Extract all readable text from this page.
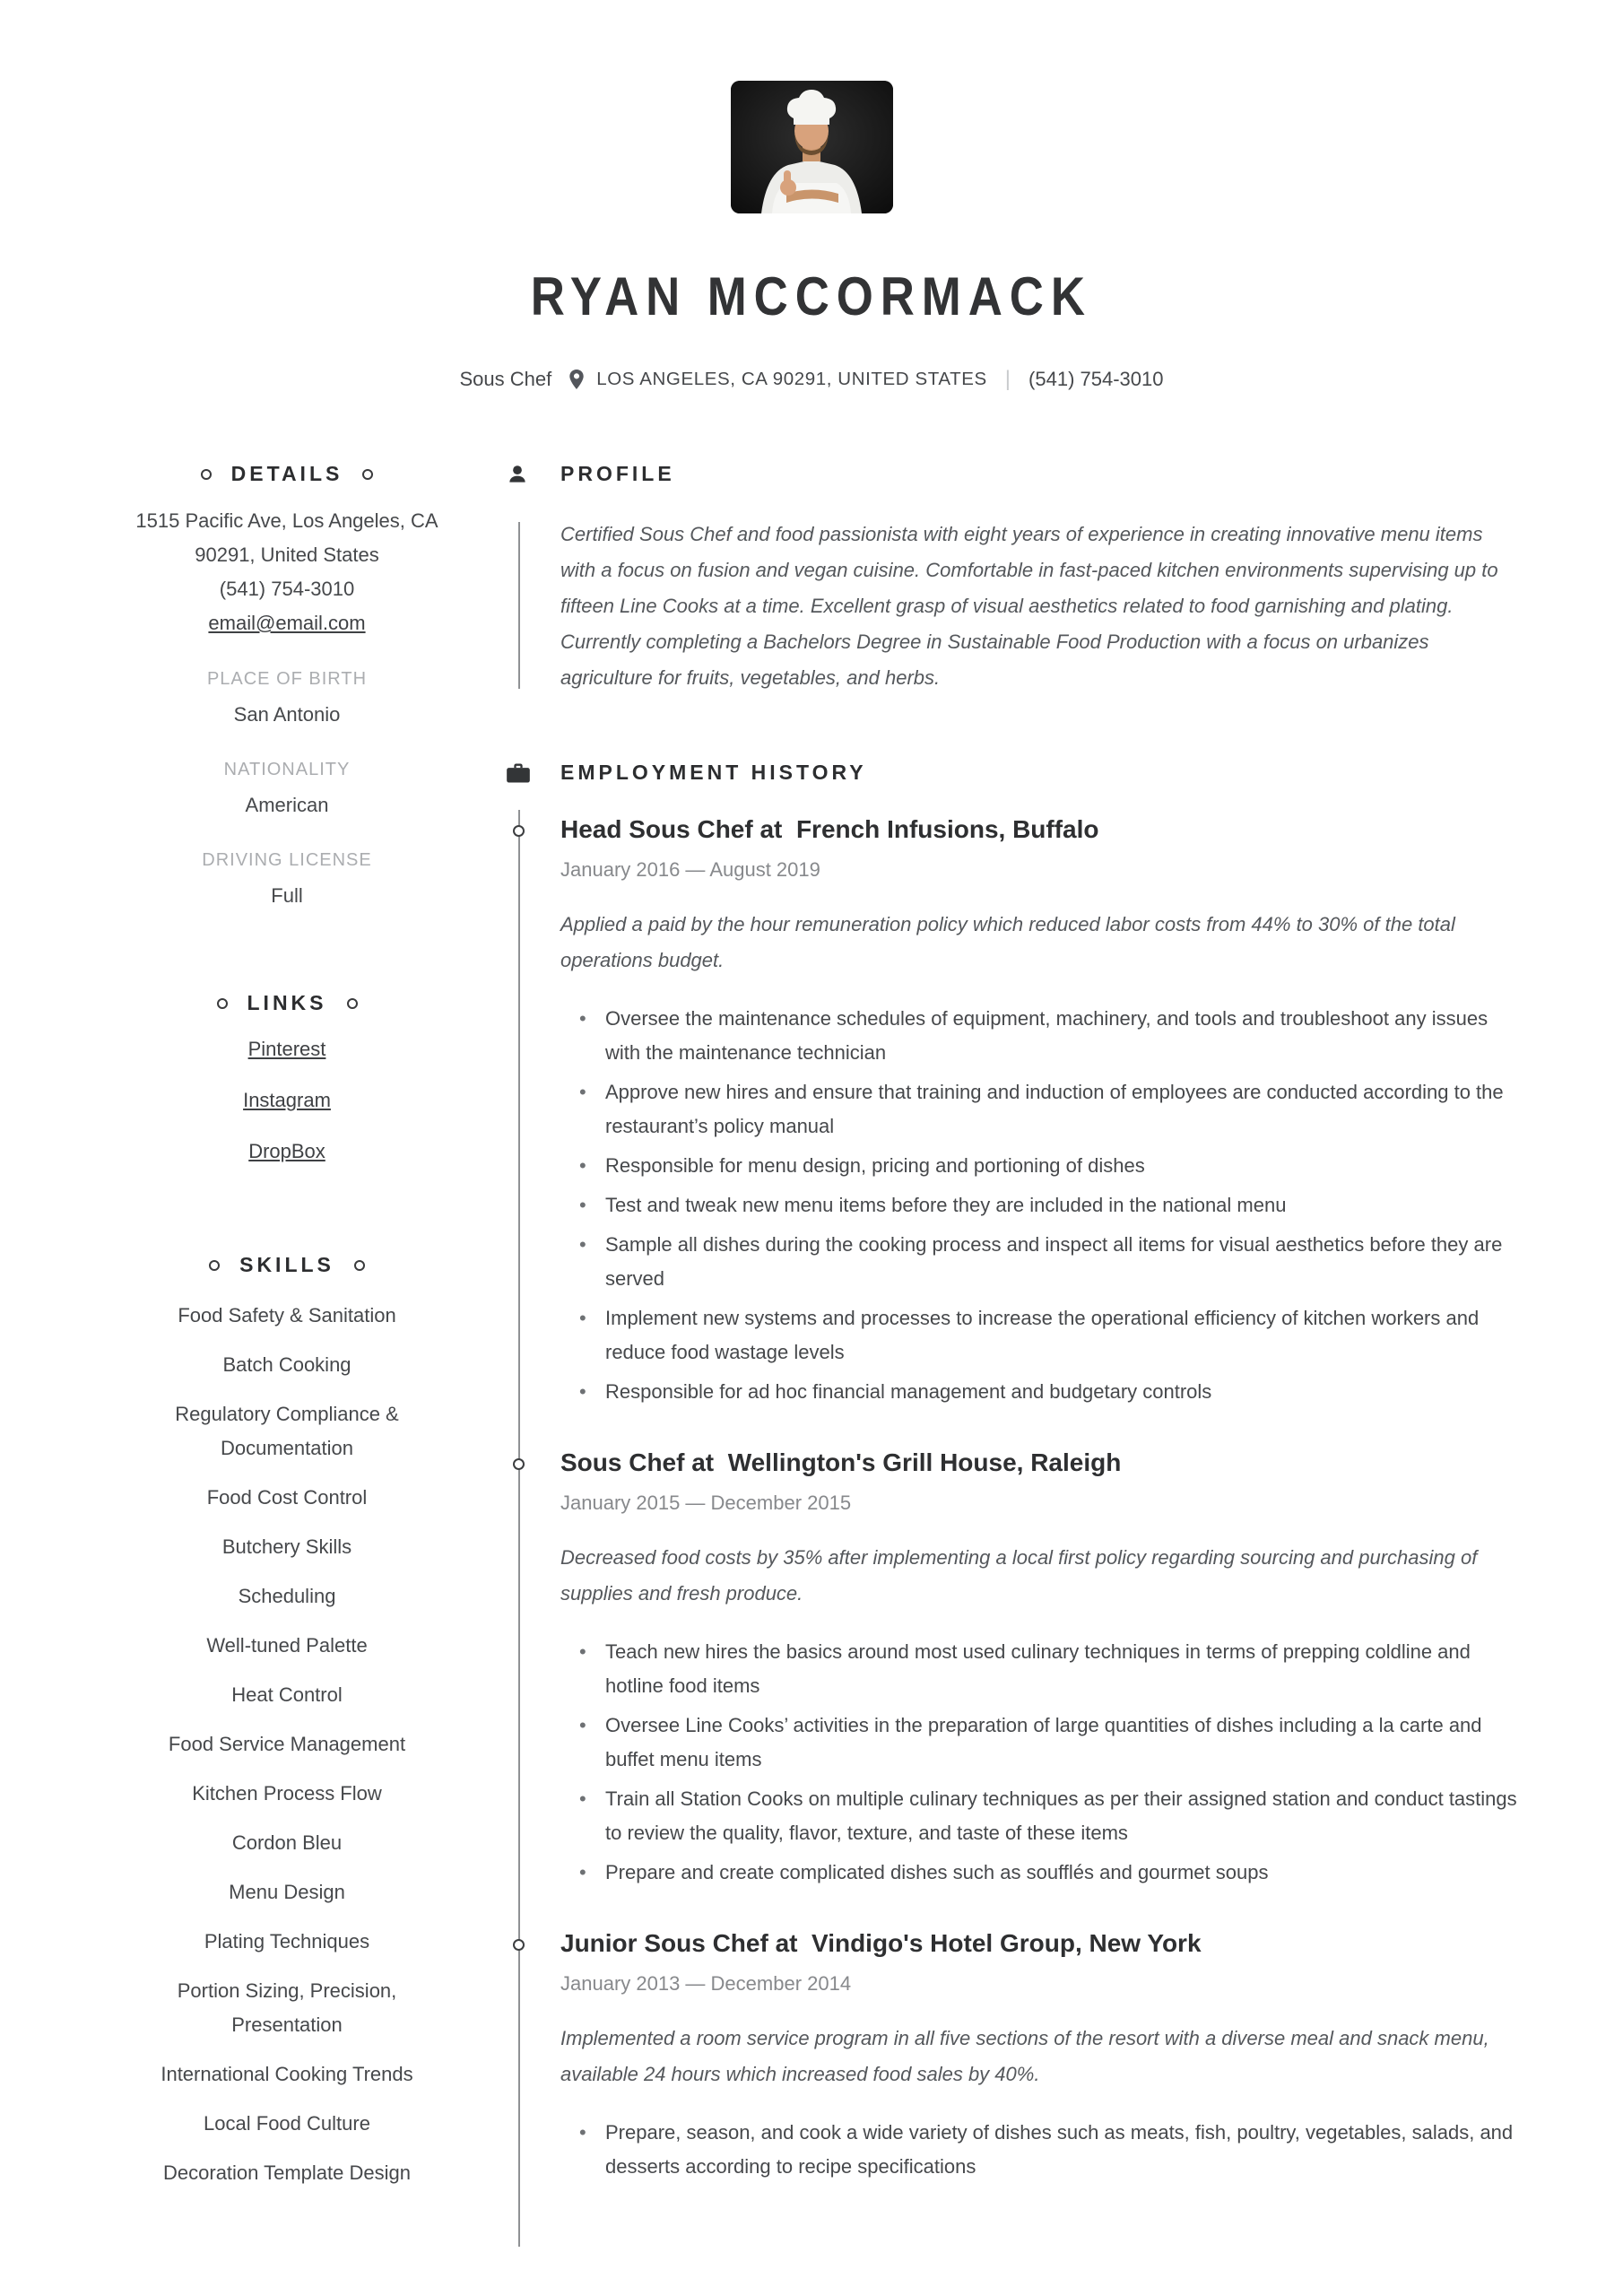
RYAN MCCORMACK
Sous Chef LOS ANGELES, CA 90291, UNITED STATES | (541) 754-3010
DETAILS
1515 Pacific Ave, Los Angeles, CA
90291, United States
(541) 754-3010
email@email.com
PLACE OF BIRTH
San Antonio
NATIONALITY
American
DRIVING LICENSE
Full
LINKS
Pinterest
Instagram
DropBox
SKILLS
Food Safety & Sanitation
Batch Cooking
Regulatory Compliance & Documentation
Food Cost Control
Butchery Skills
Scheduling
Well-tuned Palette
Heat Control
Food Service Management
Kitchen Process Flow
Cordon Bleu
Menu Design
Plating Techniques
Portion Sizing, Precision, Presentation
International Cooking Trends
Local Food Culture
Decoration Template Design
PROFILE

Certified Sous Chef and food passionista with eight years of experience in creating innovative menu items with a focus on fusion and vegan cuisine. Comfortable in fast-paced kitchen environments supervising up to fifteen Line Cooks at a time. Excellent grasp of visual aesthetics related to food garnishing and plating. Currently completing a Bachelors Degree in Sustainable Food Production with a focus on urbanizes agriculture for fruits, vegetables, and herbs.

EMPLOYMENT HISTORY
Head Sous Chef at  French Infusions, Buffalo
January 2016 — August 2019

Applied a paid by the hour remuneration policy which reduced labor costs from 44% to 30% of the total operations budget.

• Oversee the maintenance schedules of equipment, machinery, and tools and troubleshoot any issues with the maintenance technician
• Approve new hires and ensure that training and induction of employees are conducted according to the restaurant’s policy manual
• Responsible for menu design, pricing and portioning of dishes
• Test and tweak new menu items before they are included in the national menu
• Sample all dishes during the cooking process and inspect all items for visual aesthetics before they are served
• Implement new systems and processes to increase the operational efficiency of kitchen workers and reduce food wastage levels
• Responsible for ad hoc financial management and budgetary controls
Sous Chef at  Wellington's Grill House, Raleigh
January 2015 — December 2015

Decreased food costs by 35% after implementing a local first policy regarding sourcing and purchasing of supplies and fresh produce.

• Teach new hires the basics around most used culinary techniques in terms of prepping coldline and hotline food items
• Oversee Line Cooks’ activities in the preparation of large quantities of dishes including a la carte and buffet menu items
• Train all Station Cooks on multiple culinary techniques as per their assigned station and conduct tastings to review the quality, flavor, texture, and taste of these items
• Prepare and create complicated dishes such as soufflés and gourmet soups
Junior Sous Chef at  Vindigo's Hotel Group, New York
January 2013 — December 2014

Implemented a room service program in all five sections of the resort with a diverse meal and snack menu, available 24 hours which increased food sales by 40%.

• Prepare, season, and cook a wide variety of dishes such as meats, fish, poultry, vegetables, salads, and desserts according to recipe specifications
